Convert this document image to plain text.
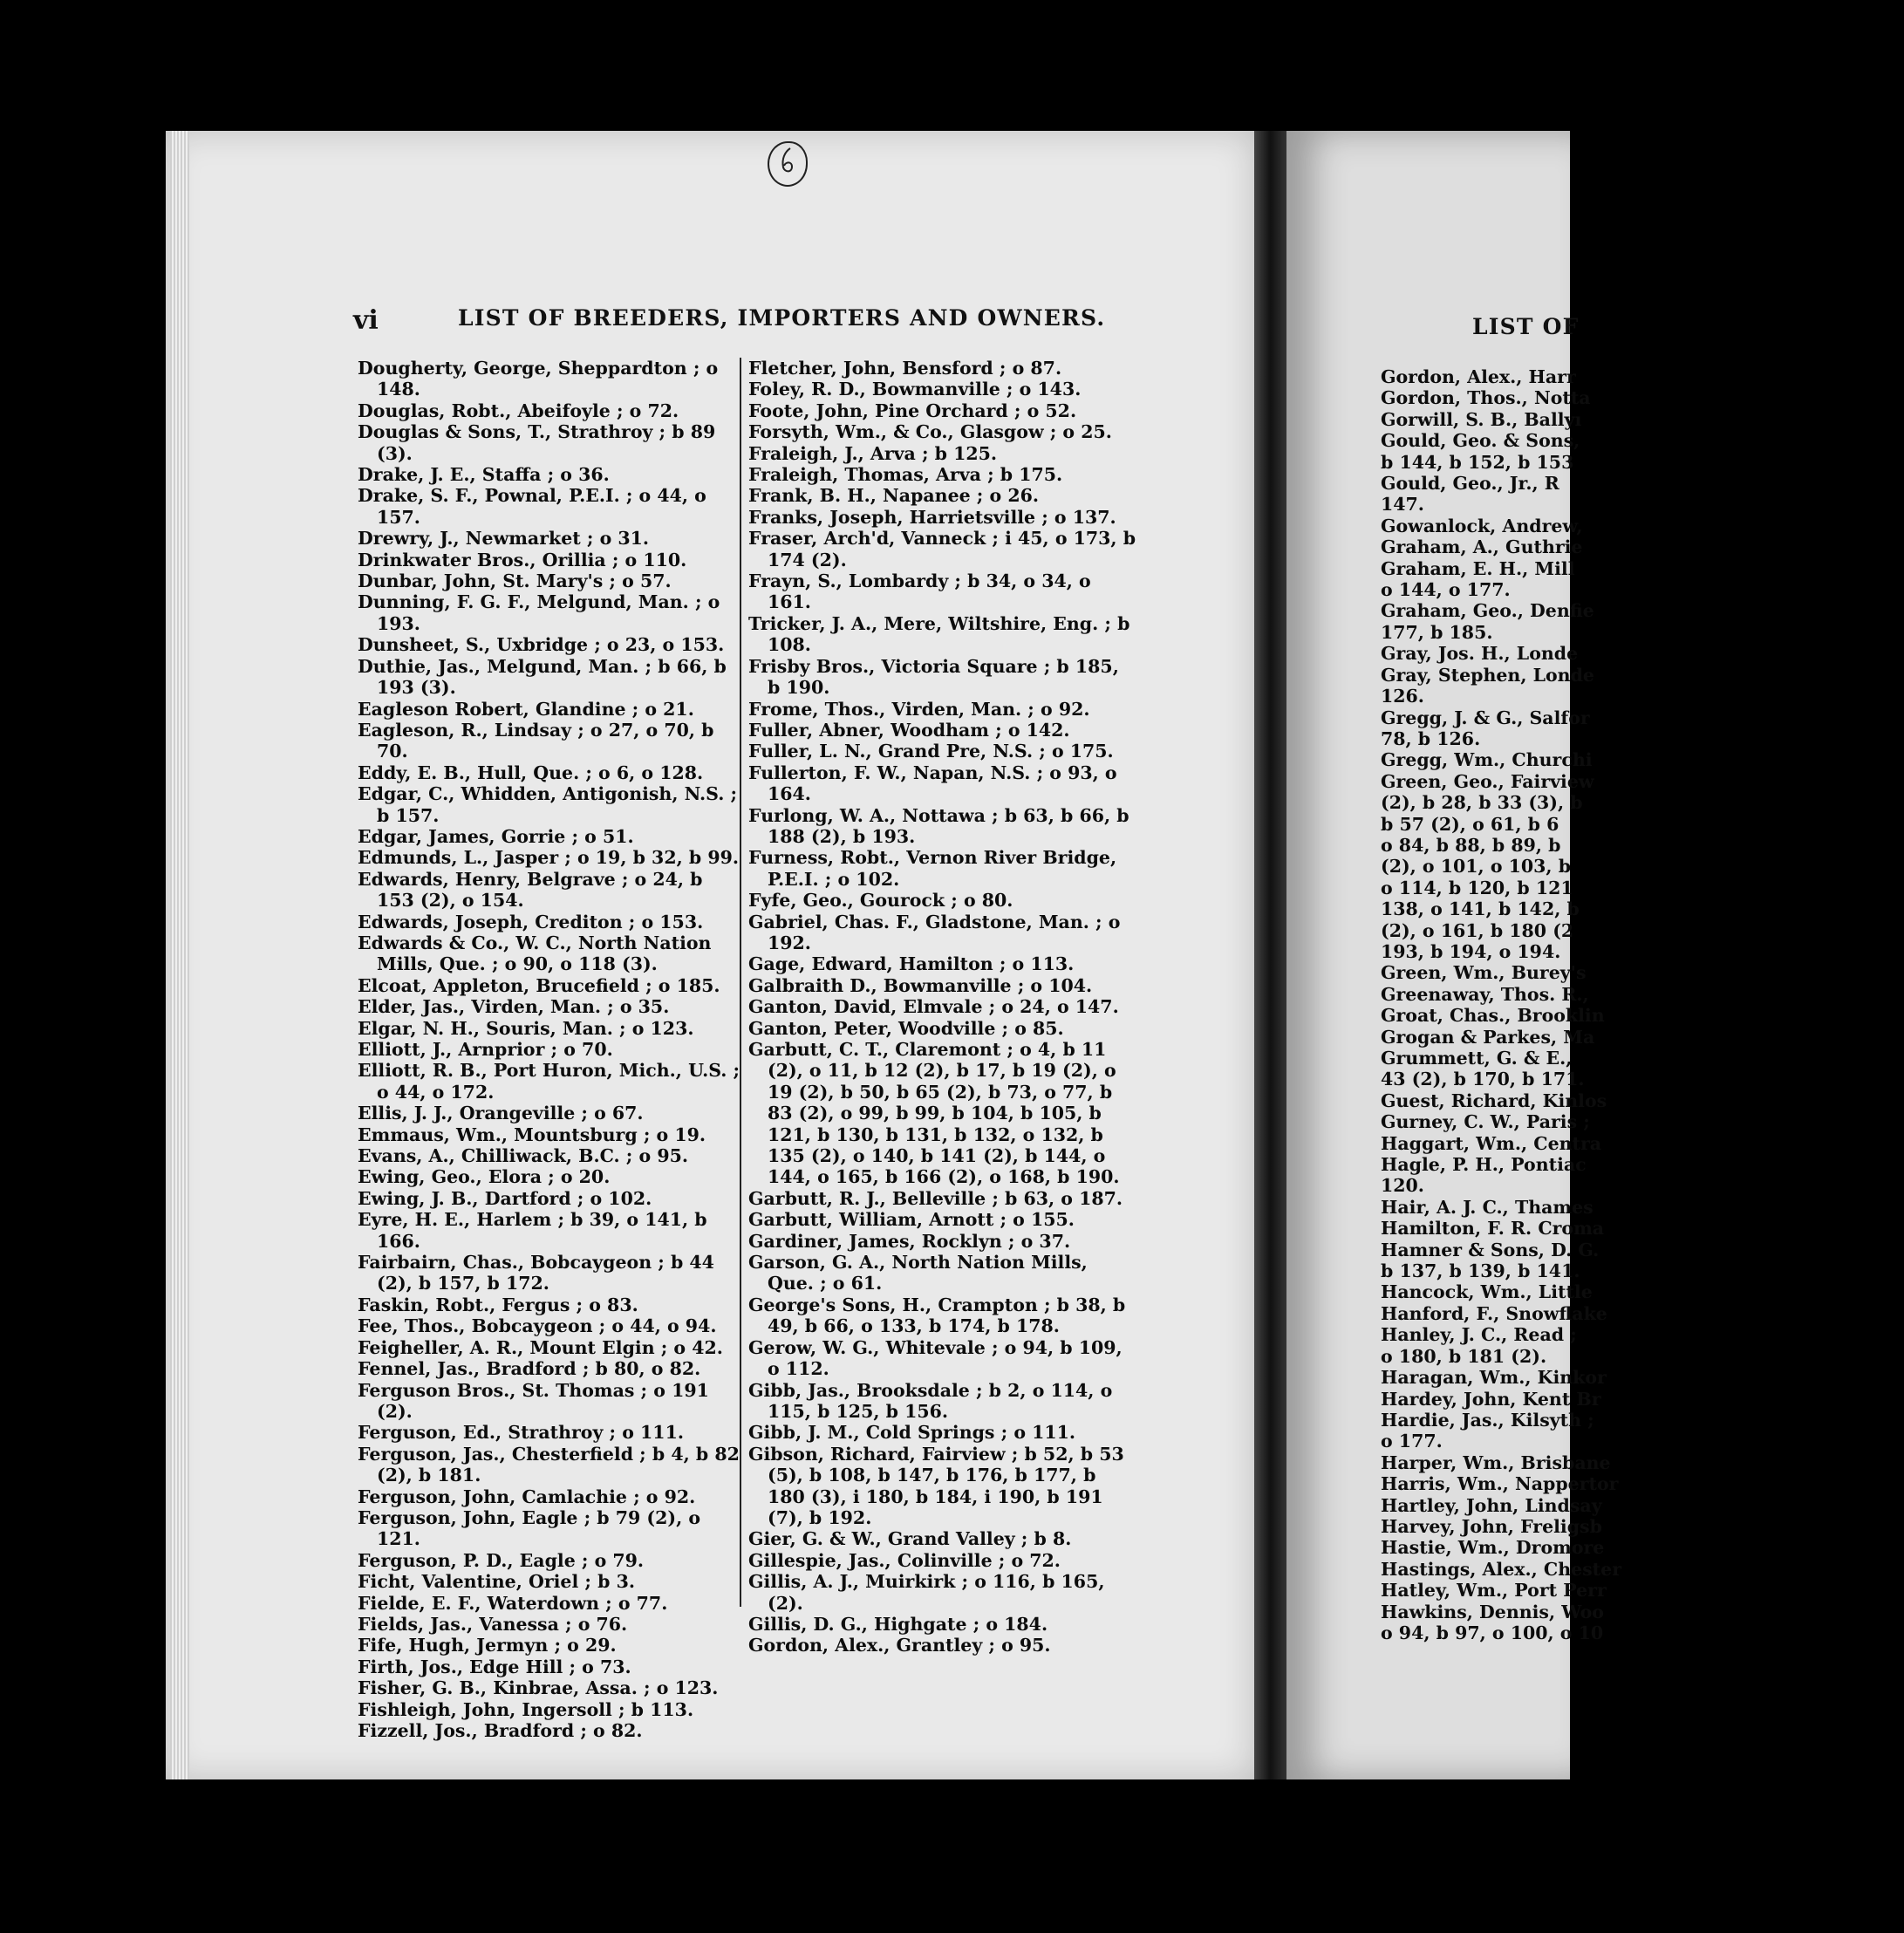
vi	LIST OF BREEDERS, IMPORTERS AND OWNERS.

Dougherty, George, Sheppardton ; o 148.

Douglas, Robt., Abeifoyle ; o 72.

Douglas & Sons, T., Strathroy ; b 89 (3).

Drake, J. E., Staffa ; o 36.

Drake, S. F., Pownal, P.E.I. ; o 44, o 157.

Drewry, J., Newmarket ; o 31.

Drinkwater Bros., Orillia ; o 110.

Dunbar, John, St. Mary's ; o 57.

Dunning, F. G. F., Melgund, Man. ; o 193.

Dunsheet, S., Uxbridge ; o 23, o 153.

Duthie, Jas., Melgund, Man. ; b 66, b 193 (3).

Eagleson Robert, Glandine ; o 21.

Eagleson, R., Lindsay ; o 27, o 70, b 70.

Eddy, E. B., Hull, Que. ; o 6, o 128.

Edgar, C., Whidden, Antigonish, N.S. ; b 157.

Edgar, James, Gorrie ; o 51.

Edmunds, L., Jasper ; o 19, b 32, b 99.

Edwards, Henry, Belgrave ; o 24, b 153 (2), o 154.

Edwards, Joseph, Crediton ; o 153.

Edwards & Co., W. C., North Nation Mills, Que. ; o 90, o 118 (3).

Elcoat, Appleton, Brucefield ; o 185.

Elder, Jas., Virden, Man. ; o 35.

Elgar, N. H., Souris, Man. ; o 123.

Elliott, J., Arnprior ; o 70.

Elliott, R. B., Port Huron, Mich., U.S. ; o 44, o 172.

Ellis, J. J., Orangeville ; o 67.

Emmaus, Wm., Mountsburg ; o 19.

Evans, A., Chilliwack, B.C. ; o 95.

Ewing, Geo., Elora ; o 20.

Ewing, J. B., Dartford ; o 102.

Eyre, H. E., Harlem ; b 39, o 141, b 166.

Fairbairn, Chas., Bobcaygeon ; b 44 (2), b 157, b 172.

Faskin, Robt., Fergus ; o 83.

Fee, Thos., Bobcaygeon ; o 44, o 94.

Feigheller, A. R., Mount Elgin ; o 42.

Fennel, Jas., Bradford ; b 80, o 82.

Ferguson Bros., St. Thomas ; o 191 (2).

Ferguson, Ed., Strathroy ; o 111.

Ferguson, Jas., Chesterfield ; b 4, b 82 (2), b 181.

Ferguson, John, Camlachie ; o 92.

Ferguson, John, Eagle ; b 79 (2), o 121.

Ferguson, P. D., Eagle ; o 79.

Ficht, Valentine, Oriel ; b 3.

Fielde, E. F., Waterdown ; o 77.

Fields, Jas., Vanessa ; o 76.

Fife, Hugh, Jermyn ; o 29.

Firth, Jos., Edge Hill ; o 73.

Fisher, G. B., Kinbrae, Assa. ; o 123.

Fishleigh, John, Ingersoll ; b 113.

Fizzell, Jos., Bradford ; o 82.

Fletcher, John, Bensford ; o 87.

Foley, R. D., Bowmanville ; o 143.

Foote, John, Pine Orchard ; o 52.

Forsyth, Wm., & Co., Glasgow ; o 25.

Fraleigh, J., Arva ; b 125.

Fraleigh, Thomas, Arva ; b 175.

Frank, B. H., Napanee ; o 26.

Franks, Joseph, Harrietsville ; o 137.

Fraser, Arch'd, Vanneck ; i 45, o 173, b 174 (2).

Frayn, S., Lombardy ; b 34, o 34, o 161.

Tricker, J. A., Mere, Wiltshire, Eng. ; b 108.

Frisby Bros., Victoria Square ; b 185, b 190.

Frome, Thos., Virden, Man. ; o 92.

Fuller, Abner, Woodham ; o 142.

Fuller, L. N., Grand Pre, N.S. ; o 175.

Fullerton, F. W., Napan, N.S. ; o 93, o 164.

Furlong, W. A., Nottawa ; b 63, b 66, b 188 (2), b 193.

Furness, Robt., Vernon River Bridge, P.E.I. ; o 102.

Fyfe, Geo., Gourock ; o 80.

Gabriel, Chas. F., Gladstone, Man. ; o 192.

Gage, Edward, Hamilton ; o 113.

Galbraith D., Bowmanville ; o 104.

Ganton, David, Elmvale ; o 24, o 147.

Ganton, Peter, Woodville ; o 85.

Garbutt, C. T., Claremont ; o 4, b 11 (2), o 11, b 12 (2), b 17, b 19 (2), o 19 (2), b 50, b 65 (2), b 73, o 77, b 83 (2), o 99, b 99, b 104, b 105, b 121, b 130, b 131, b 132, o 132, b 135 (2), o 140, b 141 (2), b 144, o 144, o 165, b 166 (2), o 168, b 190.

Garbutt, R. J., Belleville ; b 63, o 187.

Garbutt, William, Arnott ; o 155.

Gardiner, James, Rocklyn ; o 37.

Garson, G. A., North Nation Mills, Que. ; o 61.

George's Sons, H., Crampton ; b 38, b 49, b 66, o 133, b 174, b 178.

Gerow, W. G., Whitevale ; o 94, b 109, o 112.

Gibb, Jas., Brooksdale ; b 2, o 114, o 115, b 125, b 156.

Gibb, J. M., Cold Springs ; o 111.

Gibson, Richard, Fairview ; b 52, b 53 (5), b 108, b 147, b 176, b 177, b 180 (3), i 180, b 184, i 190, b 191 (7), b 192.

Gier, G. & W., Grand Valley ; b 8.

Gillespie, Jas., Colinville ; o 72.

Gillis, A. J., Muirkirk ; o 116, b 165, (2).

Gillis, D. G., Highgate ; o 184.

Gordon, Alex., Grantley ; o 95.

LIST OF

Gordon, Alex., Harr

Gordon, Thos., Notta

Gorwill, S. B., Ballyı

Gould, Geo. & Sons,

b 144, b 152, b 153

Gould, Geo., Jr., R

147.

Gowanlock, Andrew,

Graham, A., Guthrie

Graham, E. H., Mill

o 144, o 177.

Graham, Geo., Denfie

177, b 185.

Gray, Jos. H., Londe

Gray, Stephen, Londe

126.

Gregg, J. & G., Salfor

78, b 126.

Gregg, Wm., Churchi

Green, Geo., Fairview

(2), b 28, b 33 (3), b

b 57 (2), o 61, b 6

o 84, b 88, b 89, b

(2), o 101, o 103, b

o 114, b 120, b 121

138, o 141, b 142, b

(2), o 161, b 180 (2

193, b 194, o 194.

Green, Wm., Burey's

Greenaway, Thos. R.,

Groat, Chas., Brooklin

Grogan & Parkes, Ma

Grummett, G. & E.,

43 (2), b 170, b 171.

Guest, Richard, Kinlos

Gurney, C. W., Paris ;

Haggart, Wm., Centra

Hagle, P. H., Pontiac

120.

Hair, A. J. C., Thames

Hamilton, F. R. Croma

Hamner & Sons, D. G.

b 137, b 139, b 141.

Hancock, Wm., Little

Hanford, F., Snowflake

Hanley, J. C., Read ;

o 180, b 181 (2).

Haragan, Wm., Kinkor

Hardey, John, Kent Br

Hardie, Jas., Kilsyth ;

o 177.

Harper, Wm., Brisbane

Harris, Wm., Nappertor

Hartley, John, Lindsay

Harvey, John, Freligsb

Hastie, Wm., Dromore

Hastings, Alex., Chester

Hatley, Wm., Port Perr

Hawkins, Dennis, Woo

o 94, b 97, o 100, o 10
